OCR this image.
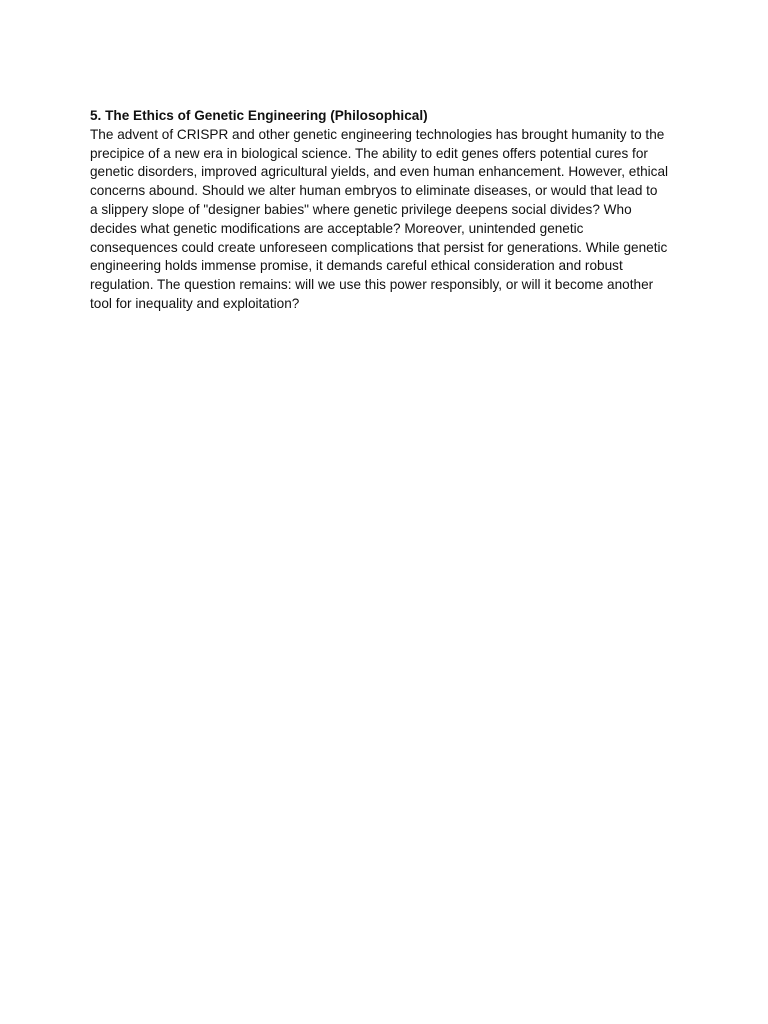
5. The Ethics of Genetic Engineering (Philosophical)
The advent of CRISPR and other genetic engineering technologies has brought humanity to the
precipice of a new era in biological science. The ability to edit genes offers potential cures for
genetic disorders, improved agricultural yields, and even human enhancement. However, ethical
concerns abound. Should we alter human embryos to eliminate diseases, or would that lead to
a slippery slope of "designer babies" where genetic privilege deepens social divides? Who
decides what genetic modifications are acceptable? Moreover, unintended genetic
consequences could create unforeseen complications that persist for generations. While genetic
engineering holds immense promise, it demands careful ethical consideration and robust
regulation. The question remains: will we use this power responsibly, or will it become another
tool for inequality and exploitation?
